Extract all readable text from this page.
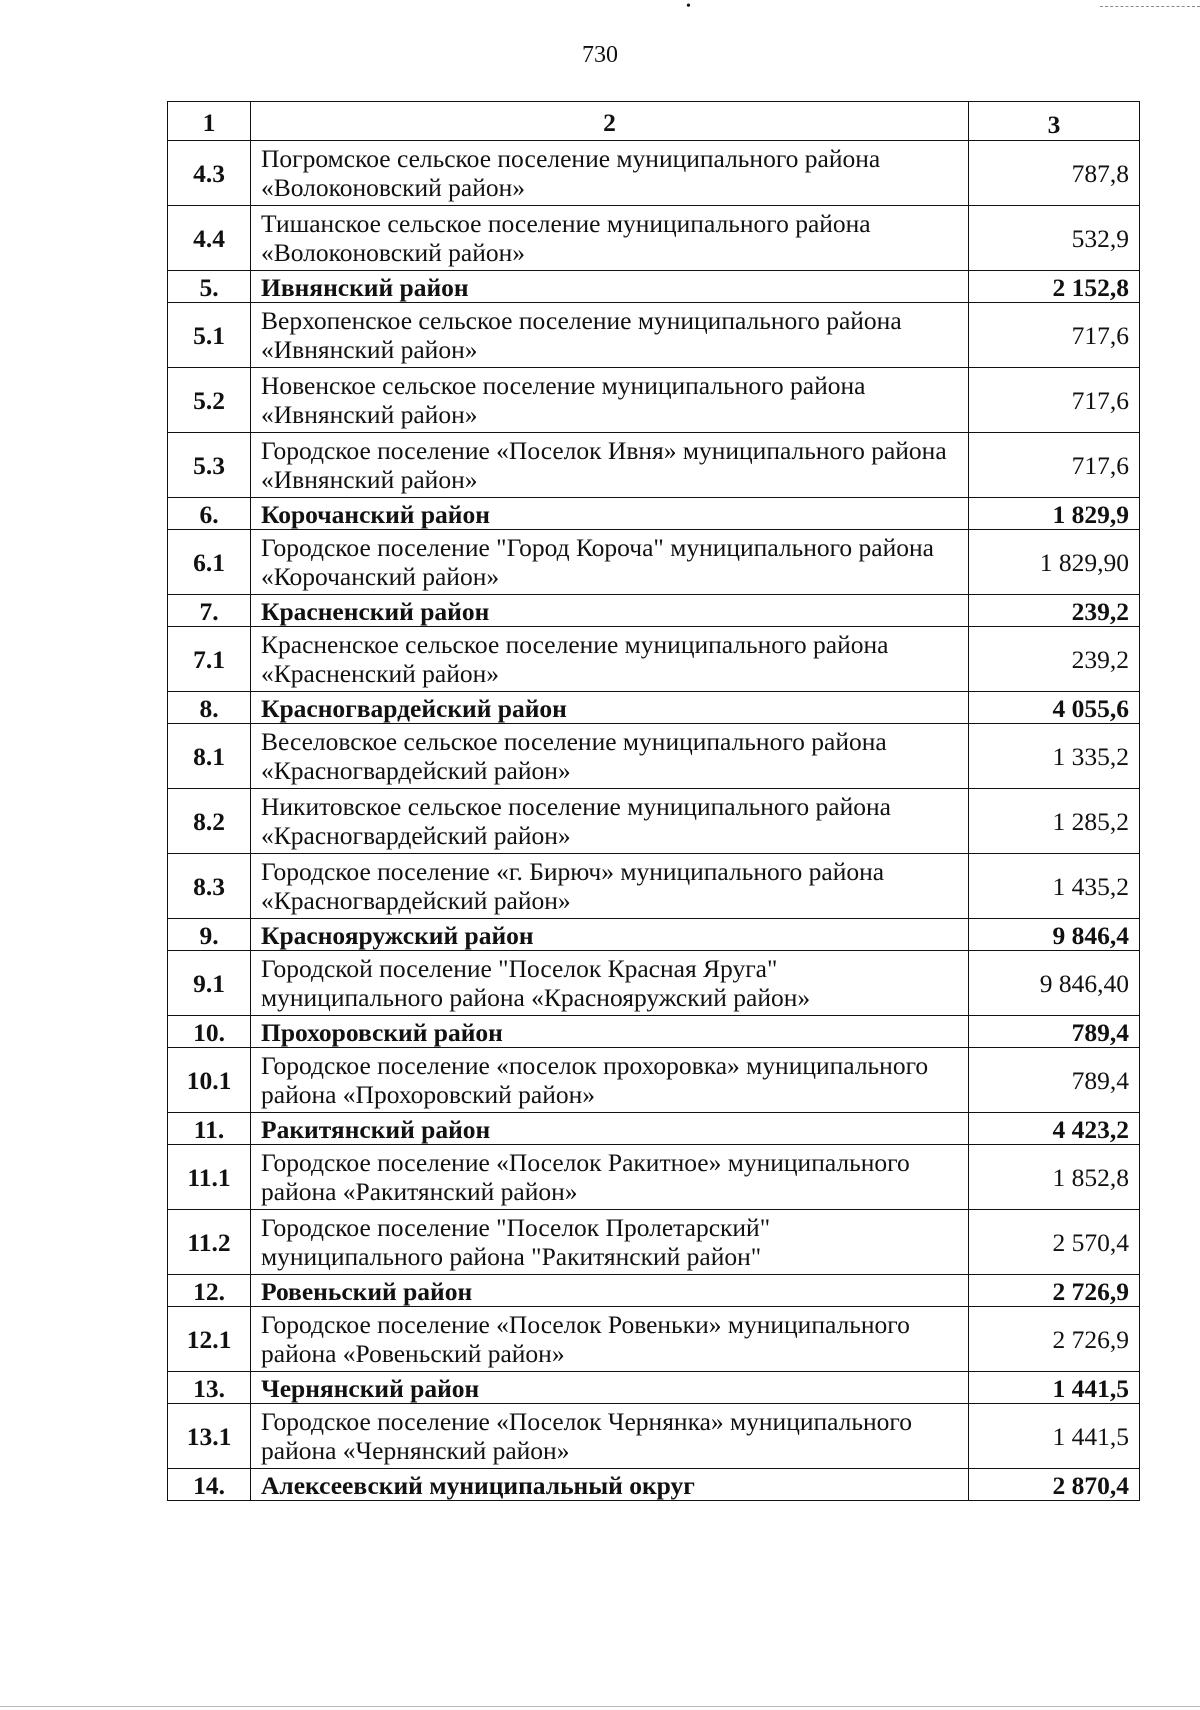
•
730
1	2	3
4.3	Погромское сельское поселение муниципального района «Волоконовский район»	787,8
4.4	Тишанское сельское поселение муниципального района «Волоконовский район»	532,9
5.	Ивнянский район	2 152,8
5.1	Верхопенское сельское поселение муниципального района «Ивнянский район»	717,6
5.2	Новенское сельское поселение муниципального района «Ивнянский район»	717,6
5.3	Городское поселение «Поселок Ивня» муниципального района «Ивнянский район»	717,6
6.	Корочанский район	1 829,9
6.1	Городское поселение "Город Короча" муниципального района «Корочанский район»	1 829,90
7.	Красненский район	239,2
7.1	Красненское сельское поселение муниципального района «Красненский район»	239,2
8.	Красногвардейский район	4 055,6
8.1	Веселовское сельское поселение муниципального района «Красногвардейский район»	1 335,2
8.2	Никитовское сельское поселение муниципального района «Красногвардейский район»	1 285,2
8.3	Городское поселение «г. Бирюч» муниципального района «Красногвардейский район»	1 435,2
9.	Краснояружский район	9 846,4
9.1	Городской поселение "Поселок Красная Яруга" муниципального района «Краснояружский район»	9 846,40
10.	Прохоровский район	789,4
10.1	Городское поселение «поселок прохоровка» муниципального района «Прохоровский район»	789,4
11.	Ракитянский район	4 423,2
11.1	Городское поселение «Поселок Ракитное» муниципального района «Ракитянский район»	1 852,8
11.2	Городское поселение "Поселок Пролетарский" муниципального района "Ракитянский район"	2 570,4
12.	Ровеньский район	2 726,9
12.1	Городское поселение «Поселок Ровеньки» муниципального района «Ровеньский район»	2 726,9
13.	Чернянский район	1 441,5
13.1	Городское поселение «Поселок Чернянка» муниципального района «Чернянский район»	1 441,5
14.	Алексеевский муниципальный округ	2 870,4
